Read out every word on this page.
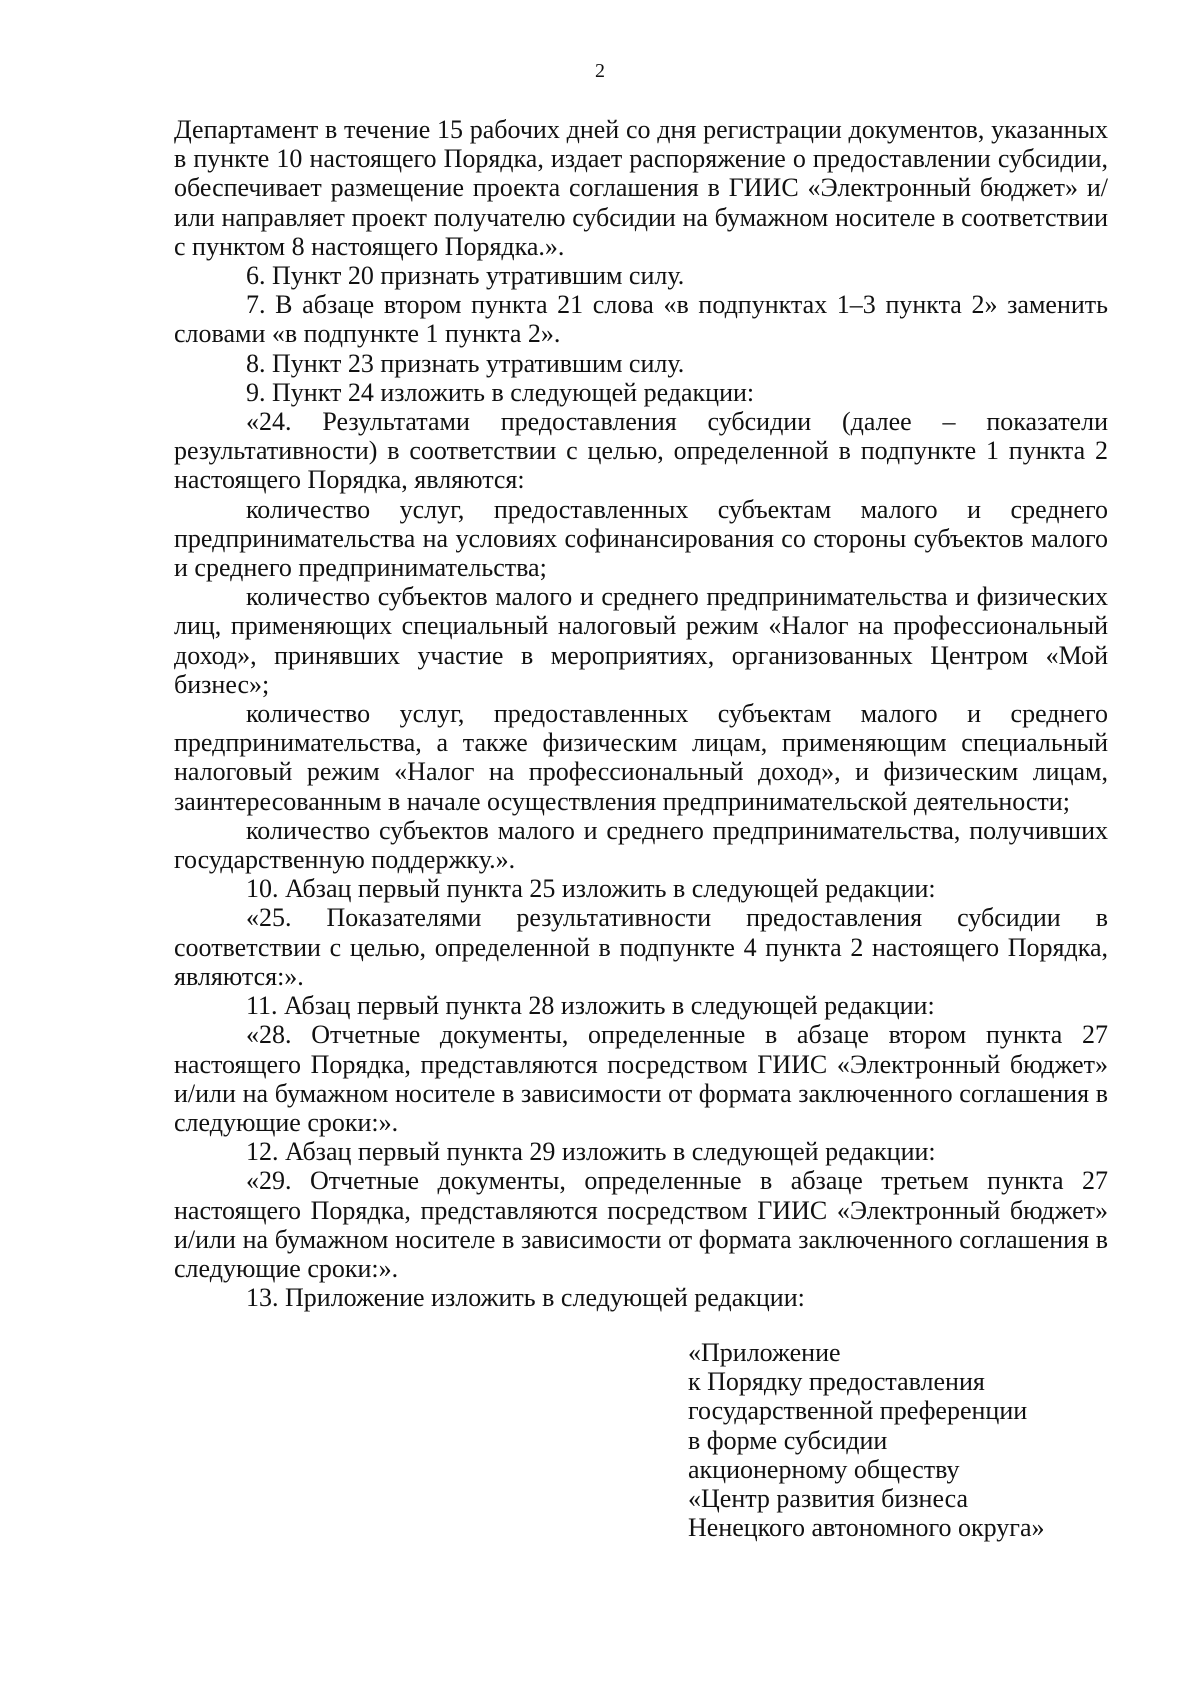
2

Департамент в течение 15 рабочих дней со дня регистрации документов, указанных в пункте 10 настоящего Порядка, издает распоряжение о предоставлении субсидии, обеспечивает размещение проекта соглашения в ГИИС «Электронный бюджет» и/или направляет проект получателю субсидии на бумажном носителе в соответствии с пунктом 8 настоящего Порядка.».

6. Пункт 20 признать утратившим силу.

7. В абзаце втором пункта 21 слова «в подпунктах 1–3 пункта 2» заменить словами «в подпункте 1 пункта 2».

8. Пункт 23 признать утратившим силу.

9. Пункт 24 изложить в следующей редакции:

«24. Результатами предоставления субсидии (далее – показатели результативности) в соответствии с целью, определенной в подпункте 1 пункта 2 настоящего Порядка, являются:

количество услуг, предоставленных субъектам малого и среднего предпринимательства на условиях софинансирования со стороны субъектов малого и среднего предпринимательства;

количество субъектов малого и среднего предпринимательства и физических лиц, применяющих специальный налоговый режим «Налог на профессиональный доход», принявших участие в мероприятиях, организованных Центром «Мой бизнес»;

количество услуг, предоставленных субъектам малого и среднего предпринимательства, а также физическим лицам, применяющим специальный налоговый режим «Налог на профессиональный доход», и физическим лицам, заинтересованным в начале осуществления предпринимательской деятельности;

количество субъектов малого и среднего предпринимательства, получивших государственную поддержку.».

10. Абзац первый пункта 25 изложить в следующей редакции:

«25. Показателями результативности предоставления субсидии в соответствии с целью, определенной в подпункте 4 пункта 2 настоящего Порядка, являются:».

11. Абзац первый пункта 28 изложить в следующей редакции:

«28. Отчетные документы, определенные в абзаце втором пункта 27 настоящего Порядка, представляются посредством ГИИС «Электронный бюджет» и/или на бумажном носителе в зависимости от формата заключенного соглашения в следующие сроки:».

12. Абзац первый пункта 29 изложить в следующей редакции:

«29. Отчетные документы, определенные в абзаце третьем пункта 27 настоящего Порядка, представляются посредством ГИИС «Электронный бюджет» и/или на бумажном носителе в зависимости от формата заключенного соглашения в следующие сроки:».

13. Приложение изложить в следующей редакции:

«Приложение
к Порядку предоставления
государственной преференции
в форме субсидии
акционерному обществу
«Центр развития бизнеса
Ненецкого автономного округа»
